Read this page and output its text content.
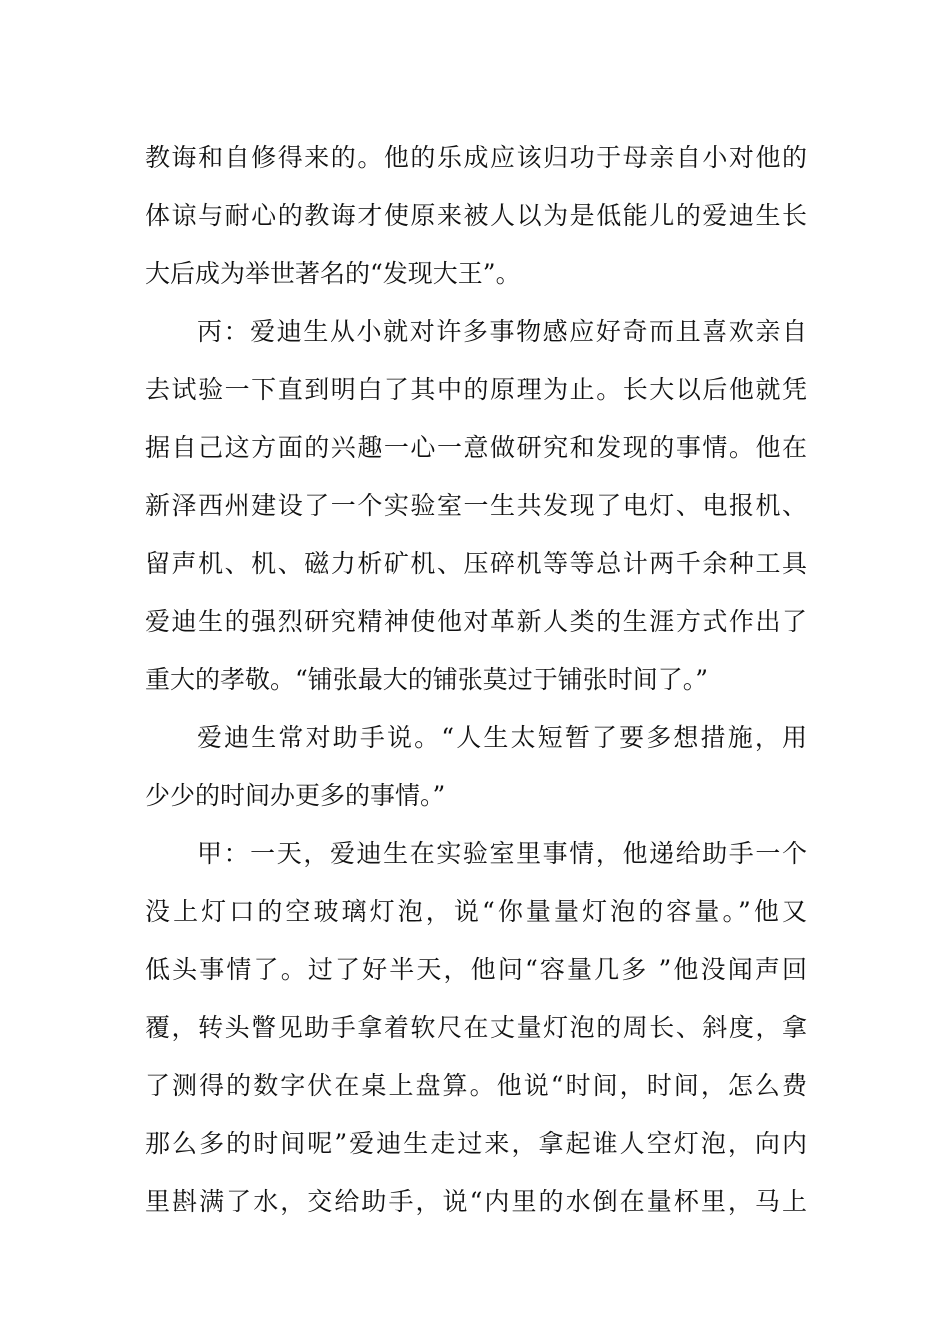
教诲和自修得来的。他的乐成应该归功于母亲自小对他的
体谅与耐心的教诲才使原来被人以为是低能儿的爱迪生长
大后成为举世著名的“发现大王”。
丙：爱迪生从小就对许多事物感应好奇而且喜欢亲自
去试验一下直到明白了其中的原理为止。长大以后他就凭
据自己这方面的兴趣一心一意做研究和发现的事情。他在
新泽西州建设了一个实验室一生共发现了电灯、电报机、
留声机、机、磁力析矿机、压碎机等等总计两千余种工具
爱迪生的强烈研究精神使他对革新人类的生涯方式作出了
重大的孝敬。“铺张最大的铺张莫过于铺张时间了。”
爱迪生常对助手说。“人生太短暂了要多想措施，用
少少的时间办更多的事情。”
甲：一天，爱迪生在实验室里事情，他递给助手一个
没上灯口的空玻璃灯泡，说“你量量灯泡的容量。”他又
低头事情了。过了好半天，他问“容量几多 ”他没闻声回
覆，转头瞥见助手拿着软尺在丈量灯泡的周长、斜度，拿
了测得的数字伏在桌上盘算。他说“时间，时间，怎么费
那么多的时间呢”爱迪生走过来，拿起谁人空灯泡，向内
里斟满了水，交给助手，说“内里的水倒在量杯里，马上
